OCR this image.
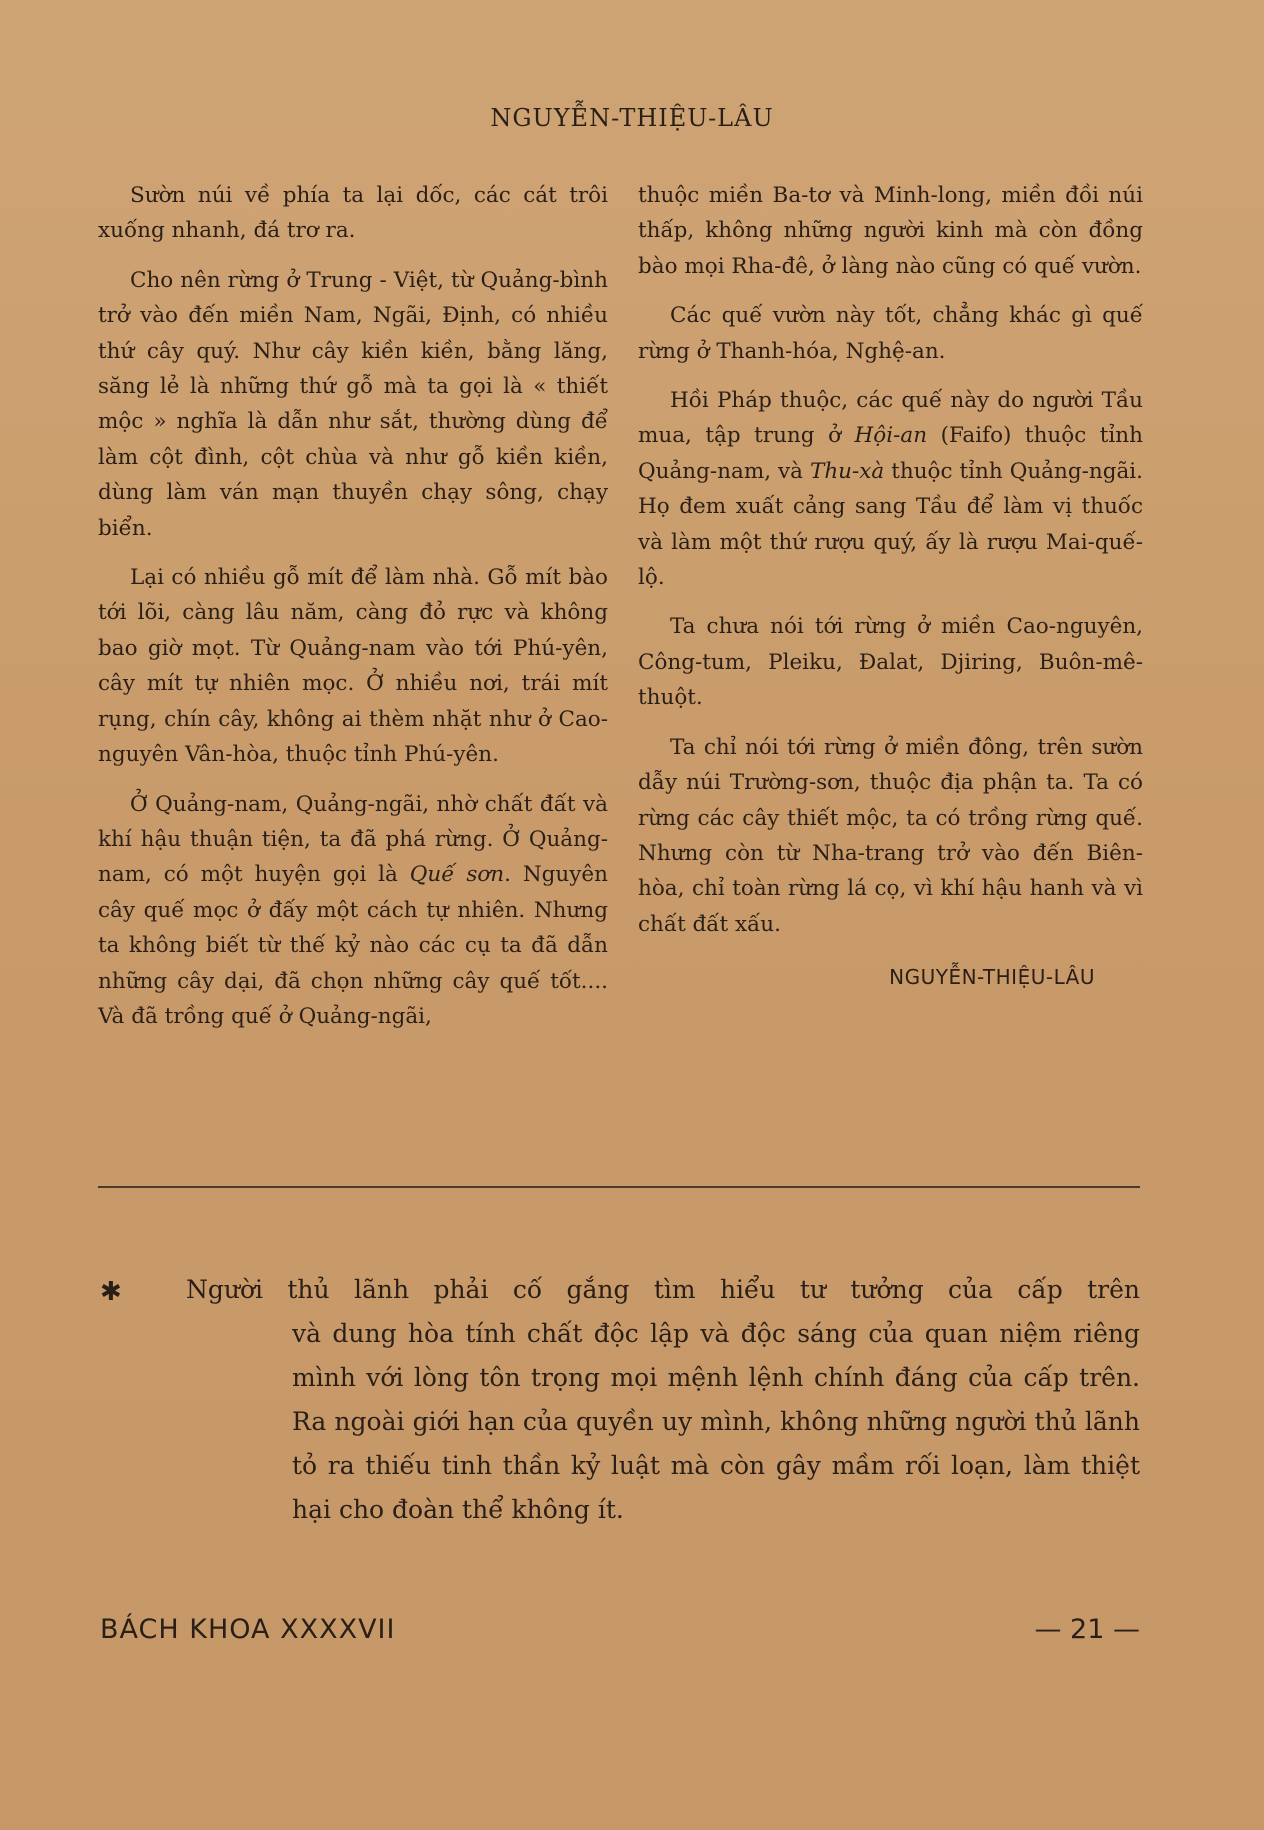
NGUYỄN-THIỆU-LÂU

Sườn núi về phía ta lại dốc, các cát trôi xuống nhanh, đá trơ ra.

Cho nên rừng ở Trung - Việt, từ Quảng-bình trở vào đến miền Nam, Ngãi, Định, có nhiều thứ cây quý. Như cây kiền kiền, bằng lăng, săng lẻ là những thứ gỗ mà ta gọi là « thiết mộc » nghĩa là dẫn như sắt, thường dùng để làm cột đình, cột chùa và như gỗ kiền kiền, dùng làm ván mạn thuyền chạy sông, chạy biển.

Lại có nhiều gỗ mít để làm nhà. Gỗ mít bào tới lõi, càng lâu năm, càng đỏ rực và không bao giờ mọt. Từ Quảng-nam vào tới Phú-yên, cây mít tự nhiên mọc. Ở nhiều nơi, trái mít rụng, chín cây, không ai thèm nhặt như ở Cao-nguyên Vân-hòa, thuộc tỉnh Phú-yên.

Ở Quảng-nam, Quảng-ngãi, nhờ chất đất và khí hậu thuận tiện, ta đã phá rừng. Ở Quảng-nam, có một huyện gọi là Quế sơn. Nguyên cây quế mọc ở đấy một cách tự nhiên. Nhưng ta không biết từ thế kỷ nào các cụ ta đã dẫn những cây dại, đã chọn những cây quế tốt.... Và đã trồng quế ở Quảng-ngãi,

thuộc miền Ba-tơ và Minh-long, miền đồi núi thấp, không những người kinh mà còn đồng bào mọi Rha-đê, ở làng nào cũng có quế vườn.

Các quế vườn này tốt, chẳng khác gì quế rừng ở Thanh-hóa, Nghệ-an.

Hồi Pháp thuộc, các quế này do người Tầu mua, tập trung ở Hội-an (Faifo) thuộc tỉnh Quảng-nam, và Thu-xà thuộc tỉnh Quảng-ngãi. Họ đem xuất cảng sang Tầu để làm vị thuốc và làm một thứ rượu quý, ấy là rượu Mai-quế-lộ.

Ta chưa nói tới rừng ở miền Cao-nguyên, Công-tum, Pleiku, Đalat, Djiring, Buôn-mê-thuột.

Ta chỉ nói tới rừng ở miền đông, trên sườn dẫy núi Trường-sơn, thuộc địa phận ta. Ta có rừng các cây thiết mộc, ta có trồng rừng quế. Nhưng còn từ Nha-trang trở vào đến Biên-hòa, chỉ toàn rừng lá cọ, vì khí hậu hanh và vì chất đất xấu.

NGUYỄN-THIỆU-LÂU
✱	Người thủ lãnh phải cố gắng tìm hiểu tư tưởng của cấp trên
và dung hòa tính chất độc lập và độc sáng của quan niệm riêng mình với lòng tôn trọng mọi mệnh lệnh chính đáng của cấp trên. Ra ngoài giới hạn của quyền uy mình, không những người thủ lãnh tỏ ra thiếu tinh thần kỷ luật mà còn gây mầm rối loạn, làm thiệt hại cho đoàn thể không ít.
BÁCH KHOA XXXXVII	— 21 —
